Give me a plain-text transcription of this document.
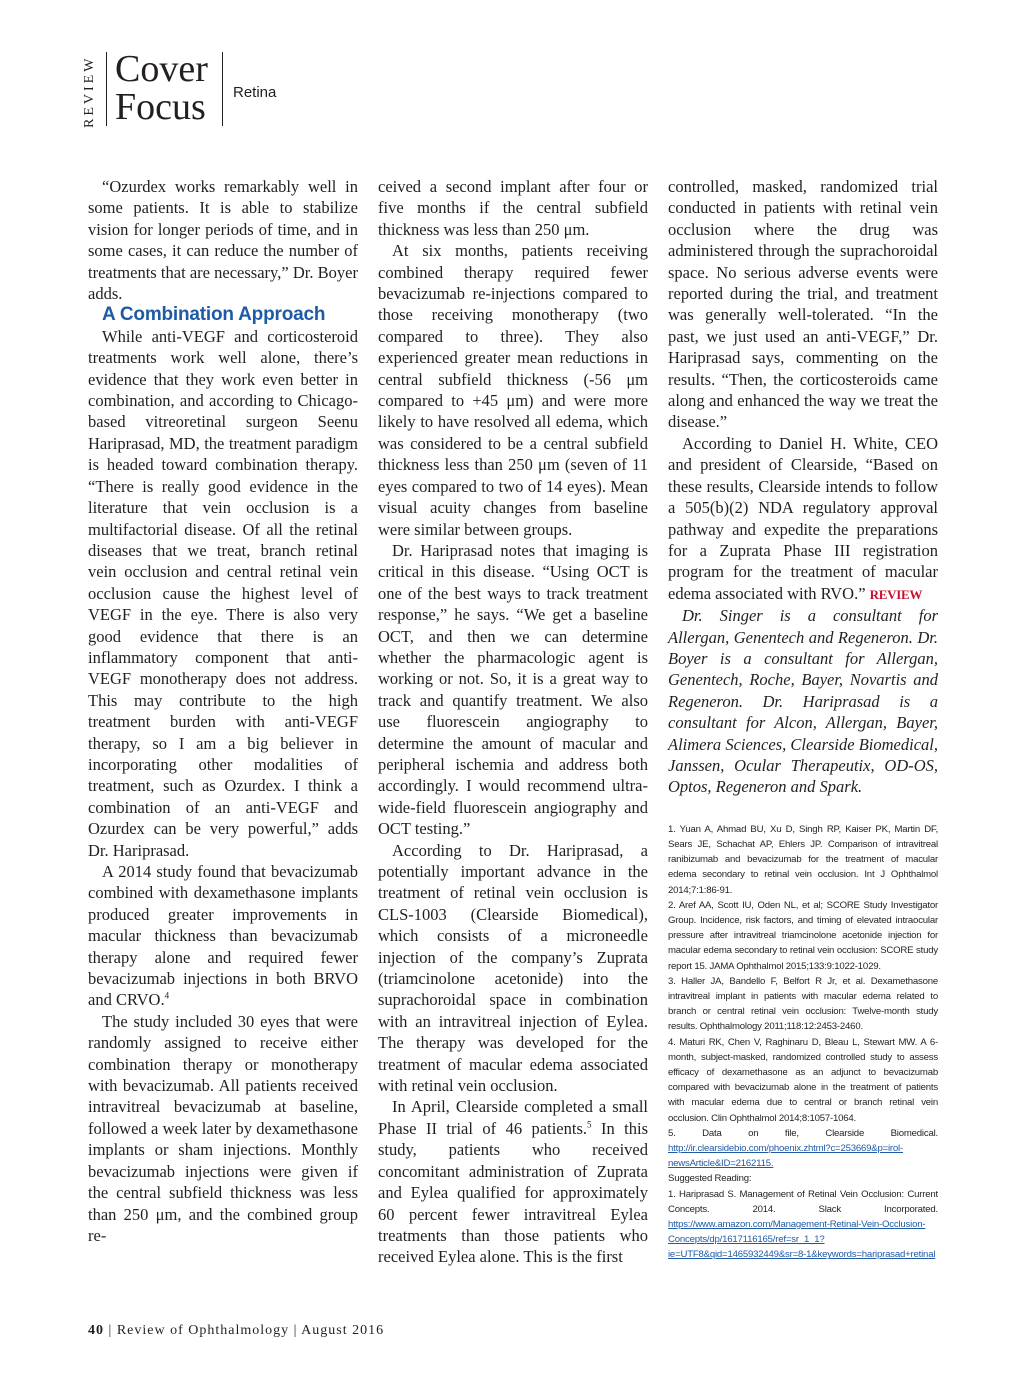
REVIEW Cover
Focus Retina

“Ozurdex works remarkably well in some patients. It is able to stabilize vision for longer periods of time, and in some cases, it can reduce the number of treatments that are necessary,” Dr. Boyer adds.

A Combination Approach

While anti-VEGF and corticosteroid treatments work well alone, there’s evidence that they work even better in combination, and according to Chicago-based vitreoretinal surgeon Seenu Hariprasad, MD, the treatment paradigm is headed toward combination therapy. “There is really good evidence in the literature that vein occlusion is a multifactorial disease. Of all the retinal diseases that we treat, branch retinal vein occlusion and central retinal vein occlusion cause the highest level of VEGF in the eye. There is also very good evidence that there is an inflammatory component that anti-VEGF monotherapy does not address. This may contribute to the high treatment burden with anti-VEGF therapy, so I am a big believer in incorporating other modalities of treatment, such as Ozurdex. I think a combination of an anti-VEGF and Ozurdex can be very powerful,” adds Dr. Hariprasad.

A 2014 study found that bevacizumab combined with dexamethasone implants produced greater improvements in macular thickness than bevacizumab therapy alone and required fewer bevacizumab injections in both BRVO and CRVO.$^4$

The study included 30 eyes that were randomly assigned to receive either combination therapy or monotherapy with bevacizumab. All patients received intravitreal bevacizumab at baseline, followed a week later by dexamethasone implants or sham injections. Monthly bevacizumab injections were given if the central subfield thickness was less than 250 μm, and the combined group re-

ceived a second implant after four or five months if the central subfield thickness was less than 250 μm.

At six months, patients receiving combined therapy required fewer bevacizumab re-injections compared to those receiving monotherapy (two compared to three). They also experienced greater mean reductions in central subfield thickness (-56 μm compared to +45 μm) and were more likely to have resolved all edema, which was considered to be a central subfield thickness less than 250 μm (seven of 11 eyes compared to two of 14 eyes). Mean visual acuity changes from baseline were similar between groups.

Dr. Hariprasad notes that imaging is critical in this disease. “Using OCT is one of the best ways to track treatment response,” he says. “We get a baseline OCT, and then we can determine whether the pharmacologic agent is working or not. So, it is a great way to track and quantify treatment. We also use fluorescein angiography to determine the amount of macular and peripheral ischemia and address both accordingly. I would recommend ultra-wide-field fluorescein angiography and OCT testing.”

According to Dr. Hariprasad, a potentially important advance in the treatment of retinal vein occlusion is CLS-1003 (Clearside Biomedical), which consists of a microneedle injection of the company’s Zuprata (triamcinolone acetonide) into the suprachoroidal space in combination with an intravitreal injection of Eylea. The therapy was developed for the treatment of macular edema associated with retinal vein occlusion.

In April, Clearside completed a small Phase II trial of 46 patients.$^5$ In this study, patients who received concomitant administration of Zuprata and Eylea qualified for approximately 60 percent fewer intravitreal Eylea treatments than those patients who received Eylea alone. This is the first

controlled, masked, randomized trial conducted in patients with retinal vein occlusion where the drug was administered through the suprachoroidal space. No serious adverse events were reported during the trial, and treatment was generally well-tolerated. “In the past, we just used an anti-VEGF,” Dr. Hariprasad says, commenting on the results. “Then, the corticosteroids came along and enhanced the way we treat the disease.”

According to Daniel H. White, CEO and president of Clearside, “Based on these results, Clearside intends to follow a 505(b)(2) NDA regulatory approval pathway and expedite the preparations for a Zuprata Phase III registration program for the treatment of macular edema associated with RVO.” REVIEW

Dr. Singer is a consultant for Allergan, Genentech and Regeneron. Dr. Boyer is a consultant for Allergan, Genentech, Roche, Bayer, Novartis and Regeneron. Dr. Hariprasad is a consultant for Alcon, Allergan, Bayer, Alimera Sciences, Clearside Biomedical, Janssen, Ocular Therapeutix, OD-OS, Optos, Regeneron and Spark.

1. Yuan A, Ahmad BU, Xu D, Singh RP, Kaiser PK, Martin DF, Sears JE, Schachat AP, Ehlers JP. Comparison of intravitreal ranibizumab and bevacizumab for the treatment of macular edema secondary to retinal vein occlusion. Int J Ophthalmol 2014;7:1:86-91.
2. Aref AA, Scott IU, Oden NL, et al; SCORE Study Investigator Group. Incidence, risk factors, and timing of elevated intraocular pressure after intravitreal triamcinolone acetonide injection for macular edema secondary to retinal vein occlusion: SCORE study report 15. JAMA Ophthalmol 2015;133:9:1022-1029.
3. Haller JA, Bandello F, Belfort R Jr, et al. Dexamethasone intravitreal implant in patients with macular edema related to branch or central retinal vein occlusion: Twelve-month study results. Ophthalmology 2011;118:12:2453-2460.
4. Maturi RK, Chen V, Raghinaru D, Bleau L, Stewart MW. A 6-month, subject-masked, randomized controlled study to assess efficacy of dexamethasone as an adjunct to bevacizumab compared with bevacizumab alone in the treatment of patients with macular edema due to central or branch retinal vein occlusion. Clin Ophthalmol 2014;8:1057-1064.
5. Data on file, Clearside Biomedical. http://ir.clearsidebio.com/phoenix.zhtml?c=253669&p=irol-newsArticle&ID=2162115.
Suggested Reading:
1. Hariprasad S. Management of Retinal Vein Occlusion: Current Concepts. 2014. Slack Incorporated. https://www.amazon.com/Management-Retinal-Vein-Occlusion-Concepts/dp/1617116165/ref=sr_1_1?ie=UTF8&qid=1465932449&sr=8-1&keywords=hariprasad+retinal
40 | Review of Ophthalmology | August 2016
